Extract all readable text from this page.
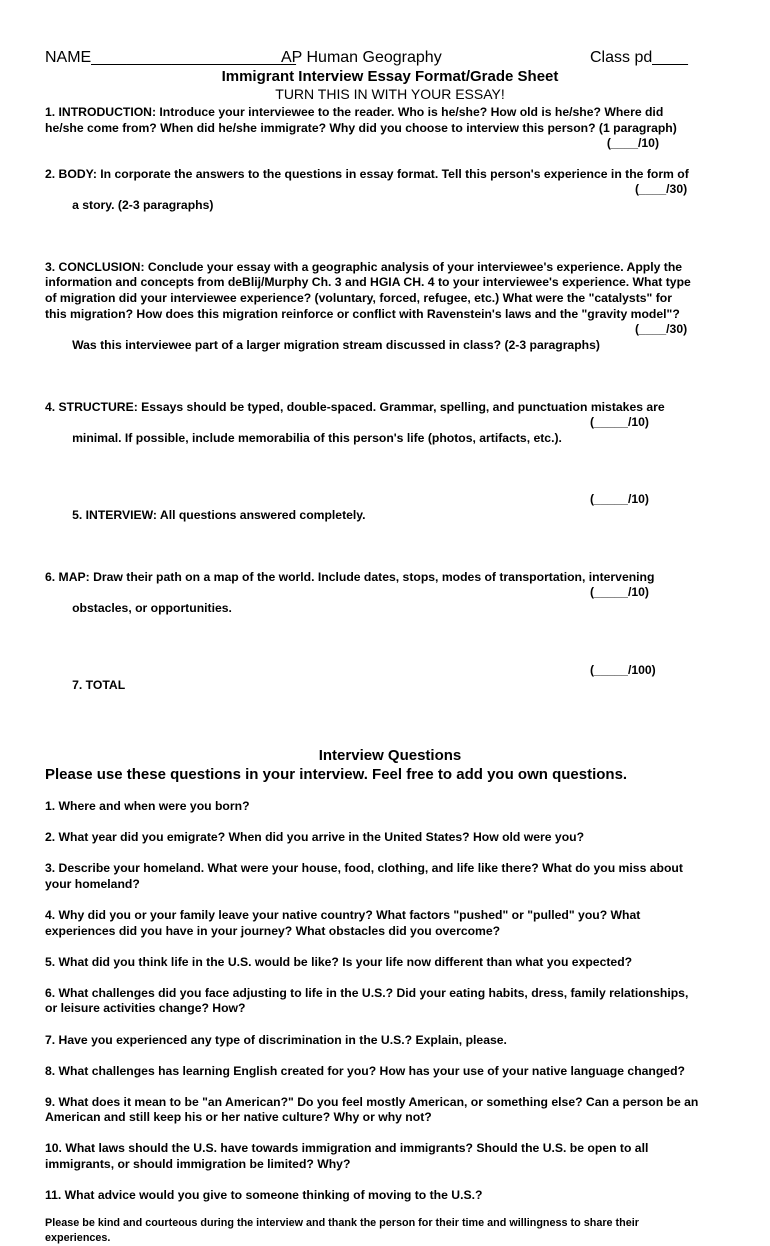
NAME_______________________
AP Human Geography	Class pd____
Immigrant Interview Essay Format/Grade Sheet
TURN THIS IN WITH YOUR ESSAY!
1. INTRODUCTION: Introduce your interviewee to the reader. Who is he/she? How old is he/she? Where did
he/she come from? When did he/she immigrate? Why did you choose to interview this person? (1 paragraph)
(____/10)
2. BODY: In corporate the answers to the questions in essay format. Tell this person's experience in the form of

a story. (2-3 paragraphs)

(____/30)

3. CONCLUSION: Conclude your essay with a geographic analysis of your interviewee's experience. Apply the
information and concepts from deBlij/Murphy Ch. 3 and HGIA CH. 4 to your interviewee's experience. What type
of migration did your interviewee experience? (voluntary, forced, refugee, etc.) What were the "catalysts" for
this migration? How does this migration reinforce or conflict with Ravenstein's laws and the "gravity model"?

Was this interviewee part of a larger migration stream discussed in class? (2-3 paragraphs)

(____/30)

4. STRUCTURE: Essays should be typed, double-spaced. Grammar, spelling, and punctuation mistakes are

minimal. If possible, include memorabilia of this person's life (photos, artifacts, etc.).

(_____/10)

5. INTERVIEW: All questions answered completely.

(_____/10)

6. MAP: Draw their path on a map of the world. Include dates, stops, modes of transportation, intervening

obstacles, or opportunities.

(_____/10)

7. TOTAL

(_____/100)

Interview Questions
Please use these questions in your interview. Feel free to add you own questions.
1. Where and when were you born?
2. What year did you emigrate? When did you arrive in the United States? How old were you?
3. Describe your homeland. What were your house, food, clothing, and life like there? What do you miss about
your homeland?
4. Why did you or your family leave your native country? What factors "pushed" or "pulled" you? What
experiences did you have in your journey? What obstacles did you overcome?
5. What did you think life in the U.S. would be like? Is your life now different than what you expected?
6. What challenges did you face adjusting to life in the U.S.? Did your eating habits, dress, family relationships,
or leisure activities change? How?
7. Have you experienced any type of discrimination in the U.S.? Explain, please.
8. What challenges has learning English created for you? How has your use of your native language changed?
9. What does it mean to be "an American?" Do you feel mostly American, or something else? Can a person be an
American and still keep his or her native culture? Why or why not?
10. What laws should the U.S. have towards immigration and immigrants? Should the U.S. be open to all
immigrants, or should immigration be limited? Why?
11. What advice would you give to someone thinking of moving to the U.S.?
Please be kind and courteous during the interview and thank the person for their time and willingness to share their
experiences.
